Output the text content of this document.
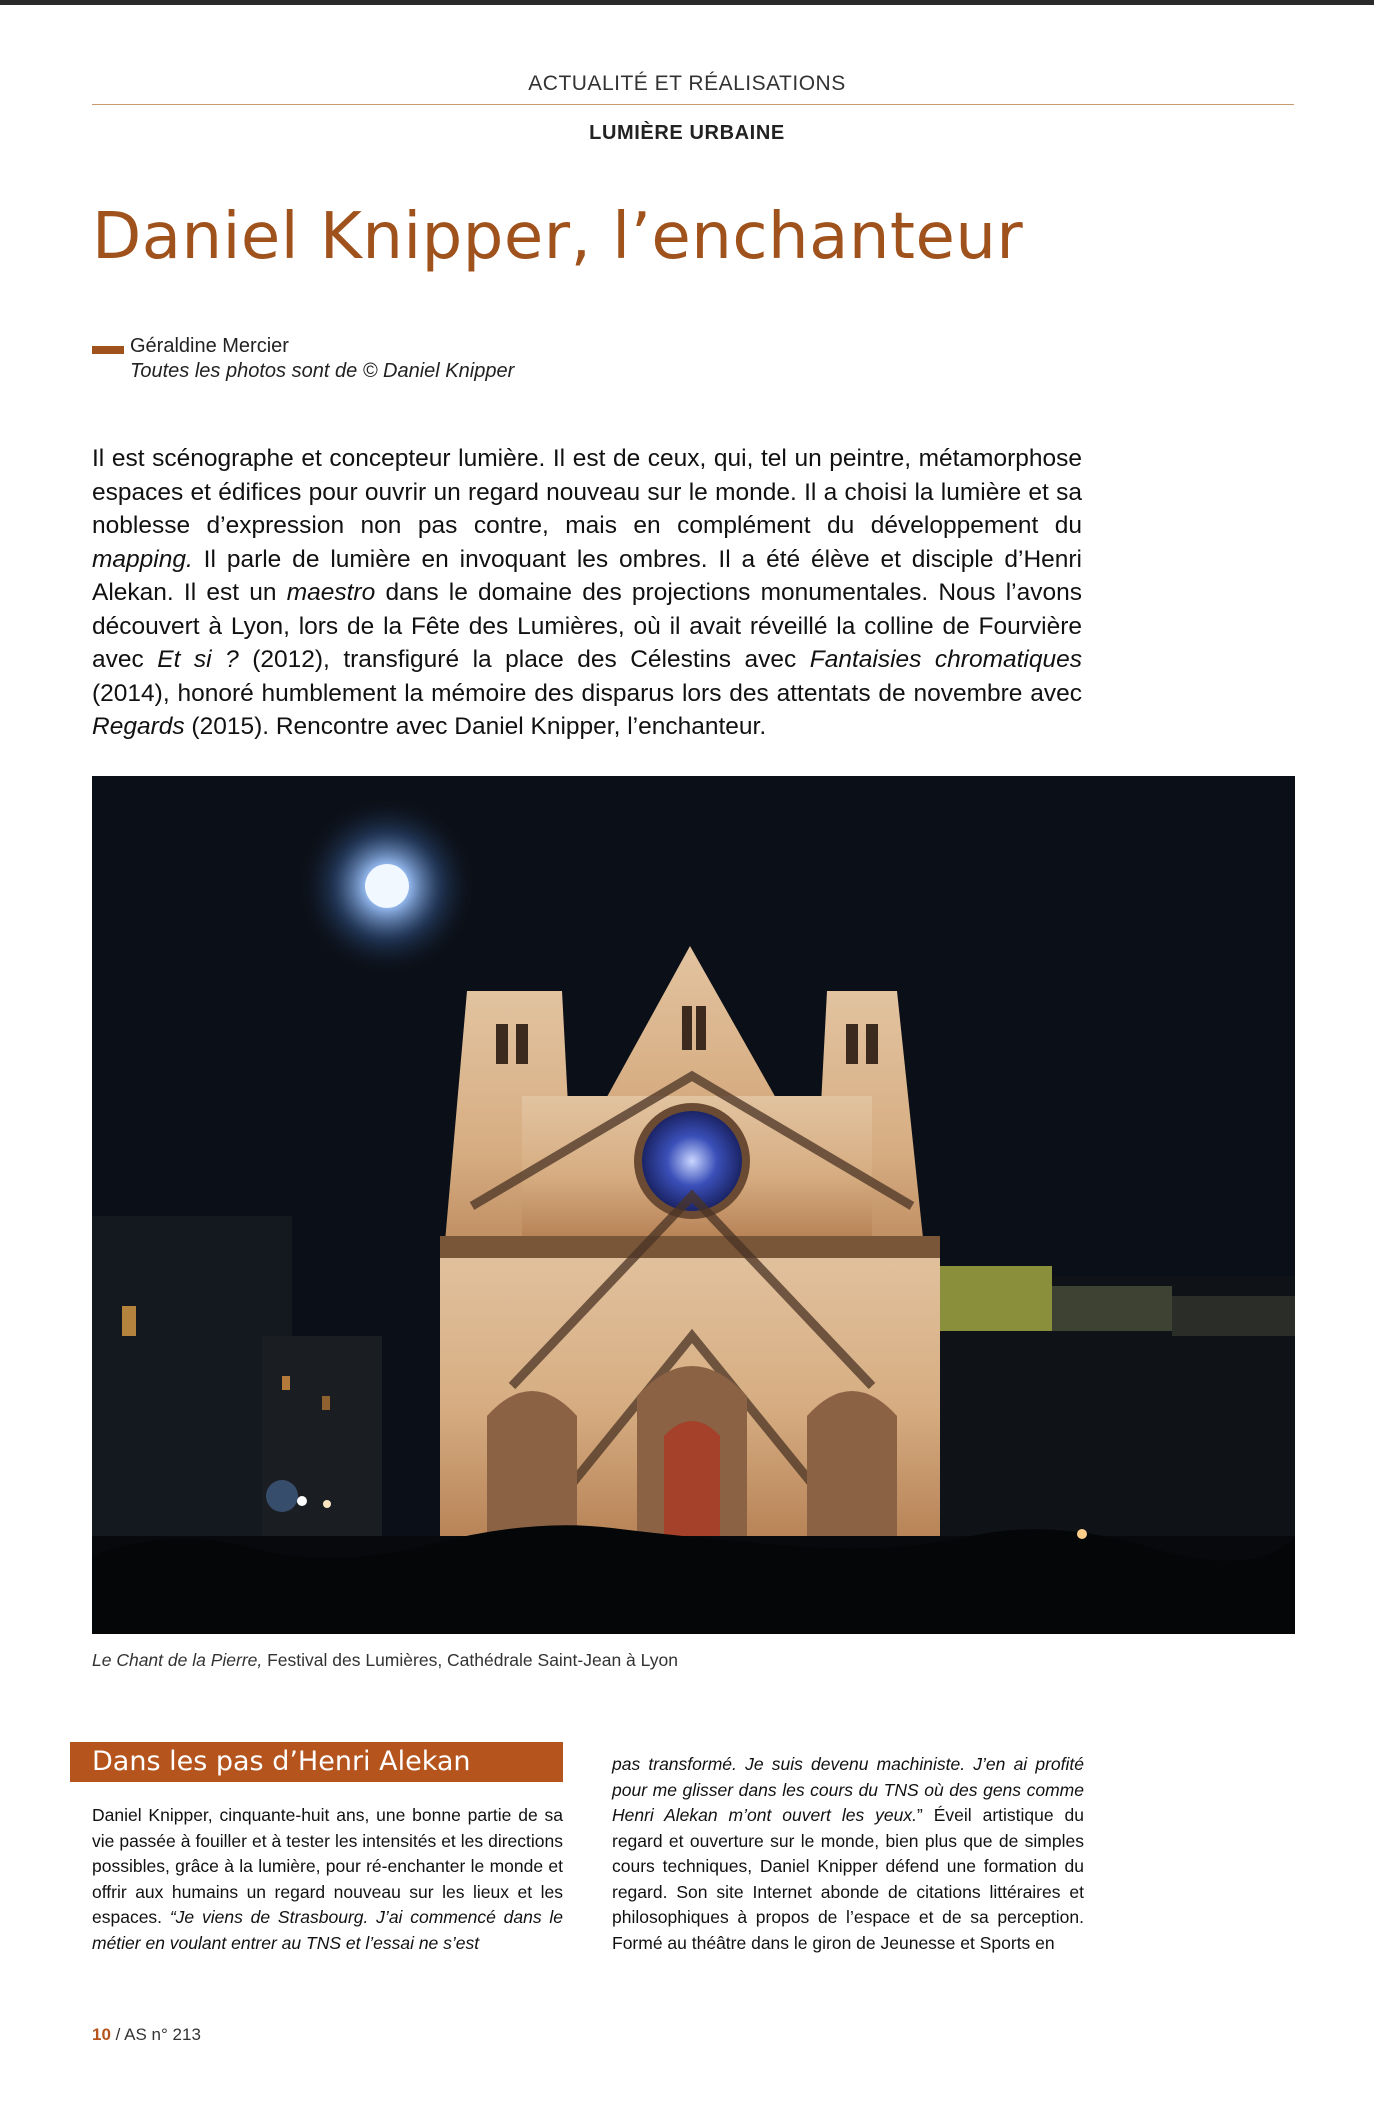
ACTUALITÉ ET RÉALISATIONS
LUMIÈRE URBAINE
Daniel Knipper, l’enchanteur
Géraldine Mercier
Toutes les photos sont de © Daniel Knipper

Il est scénographe et concepteur lumière. Il est de ceux, qui, tel un peintre, métamorphose espaces et édifices pour ouvrir un regard nouveau sur le monde. Il a choisi la lumière et sa noblesse d’expression non pas contre, mais en complément du développement du mapping. Il parle de lumière en invoquant les ombres. Il a été élève et disciple d’Henri Alekan. Il est un maestro dans le domaine des projections monumentales. Nous l’avons découvert à Lyon, lors de la Fête des Lumières, où il avait réveillé la colline de Fourvière avec Et si ? (2012), transfiguré la place des Célestins avec Fantaisies chromatiques (2014), honoré humblement la mémoire des disparus lors des attentats de novembre avec Regards (2015). Rencontre avec Daniel Knipper, l’enchanteur.

Le Chant de la Pierre, Festival des Lumières, Cathédrale Saint-Jean à Lyon
Dans les pas d’Henri Alekan

Daniel Knipper, cinquante-huit ans, une bonne partie de sa vie passée à fouiller et à tester les intensités et les directions possibles, grâce à la lumière, pour ré-enchanter le monde et offrir aux humains un regard nouveau sur les lieux et les espaces. “Je viens de Strasbourg. J’ai commencé dans le métier en voulant entrer au TNS et l’essai ne s’est

pas transformé. Je suis devenu machiniste. J’en ai profité pour me glisser dans les cours du TNS où des gens comme Henri Alekan m’ont ouvert les yeux.” Éveil artistique du regard et ouverture sur le monde, bien plus que de simples cours techniques, Daniel Knipper défend une formation du regard. Son site Internet abonde de citations littéraires et philosophiques à propos de l’espace et de sa perception. Formé au théâtre dans le giron de Jeunesse et Sports en

10 / AS n° 213
